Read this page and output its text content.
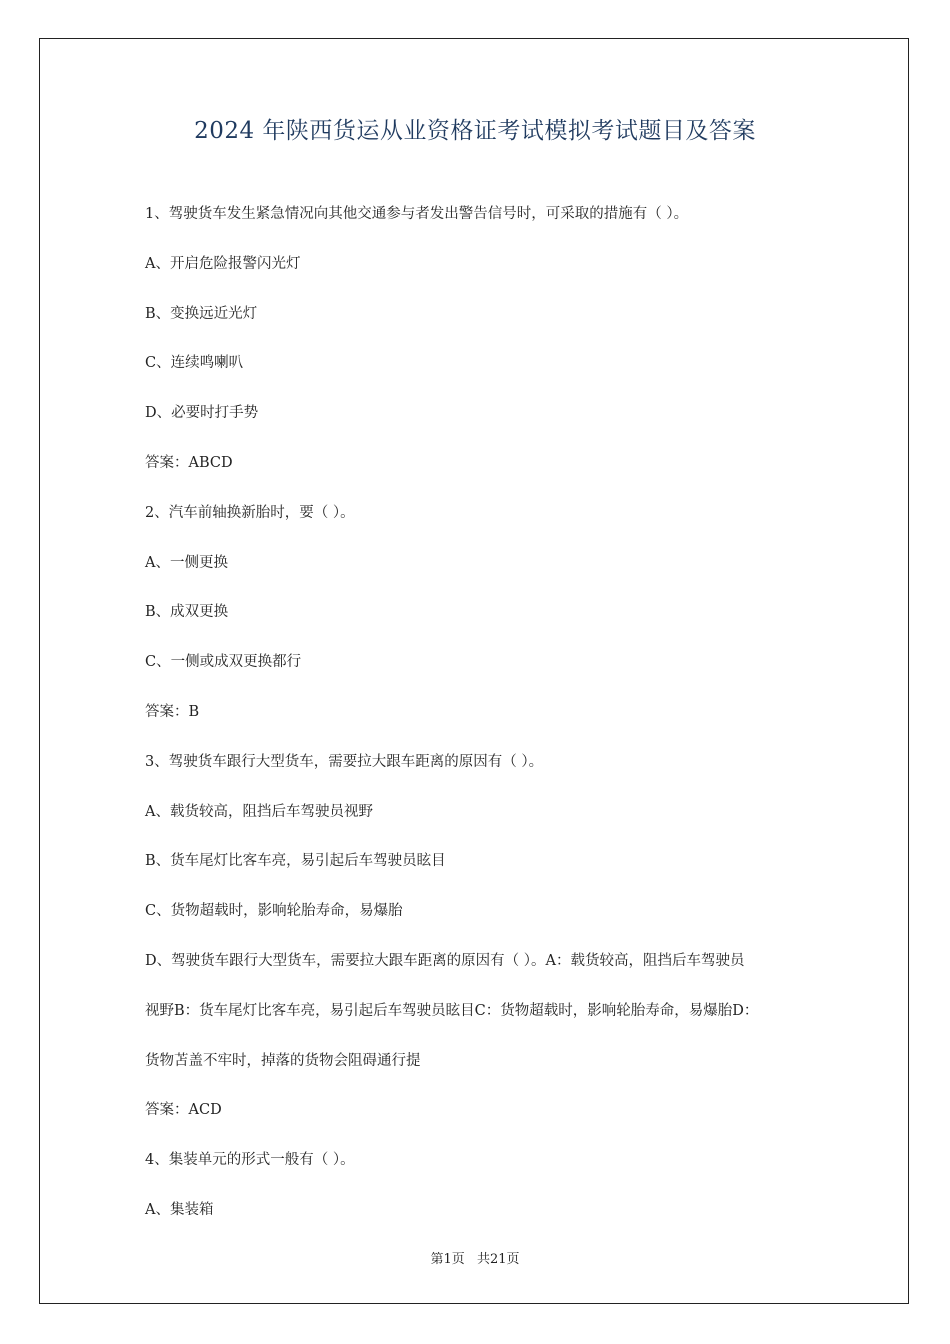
2024 年陕西货运从业资格证考试模拟考试题目及答案
1、驾驶货车发生紧急情况向其他交通参与者发出警告信号时，可采取的措施有（ ）。
A、开启危险报警闪光灯
B、变换远近光灯
C、连续鸣喇叭
D、必要时打手势
答案：ABCD
2、汽车前轴换新胎时，要（ ）。
A、一侧更换
B、成双更换
C、一侧或成双更换都行
答案：B
3、驾驶货车跟行大型货车，需要拉大跟车距离的原因有（ ）。
A、载货较高，阻挡后车驾驶员视野
B、货车尾灯比客车亮，易引起后车驾驶员眩目
C、货物超载时，影响轮胎寿命，易爆胎
D、驾驶货车跟行大型货车，需要拉大跟车距离的原因有（ ）。A：载货较高，阻挡后车驾驶员
视野B：货车尾灯比客车亮，易引起后车驾驶员眩目C：货物超载时，影响轮胎寿命，易爆胎D：
货物苫盖不牢时，掉落的货物会阻碍通行提
答案：ACD
4、集装单元的形式一般有（ ）。
A、集装箱
第1页 共21页
